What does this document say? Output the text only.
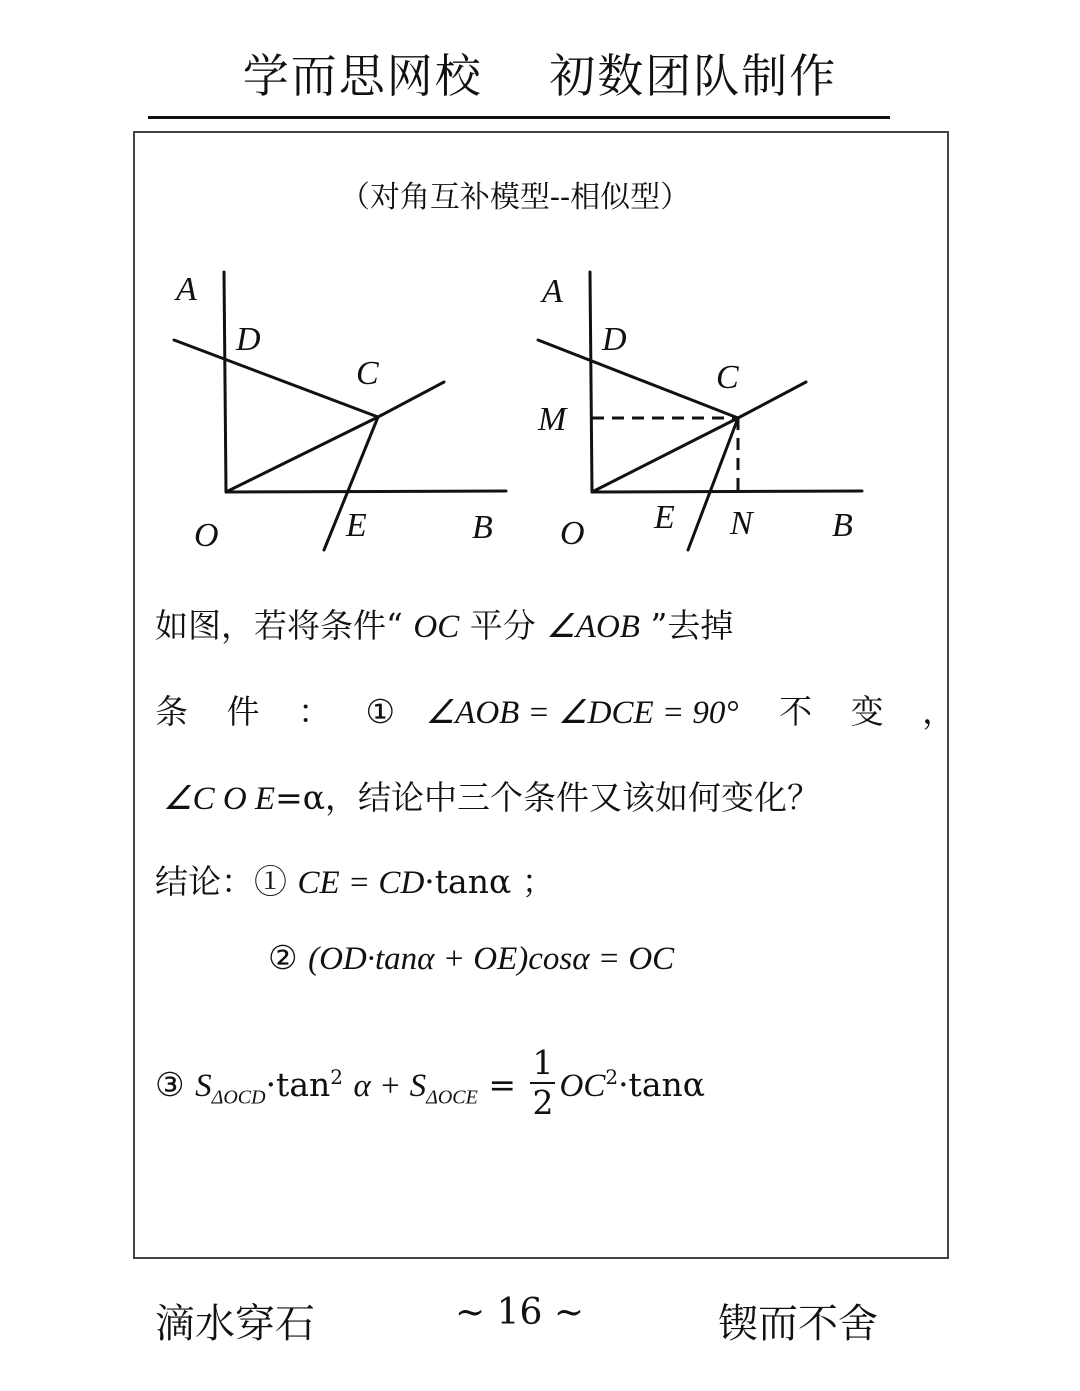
学而思网校    初数团队制作
（对角互补模型--相似型）
A
D
C
O	E	B
A
D
C
M
O E N B
如图，若将条件“ OC 平分 ∠AOB ”去掉
条 件 ： ① ∠AOB = ∠DCE = 90° 不 变 ，
∠C O E=α，结论中三个条件又该如何变化？
结论：① CE = CD·tanα ；
② (OD·tanα + OE)cosα = OC
③ $S_{\Delta OCD}\cdot\tan^2$ $\alpha + S_{\Delta OCE} = \frac{1}{2} OC^2\cdot\tan\alpha$
滴水穿石	~ 16 ~	锲而不舍
